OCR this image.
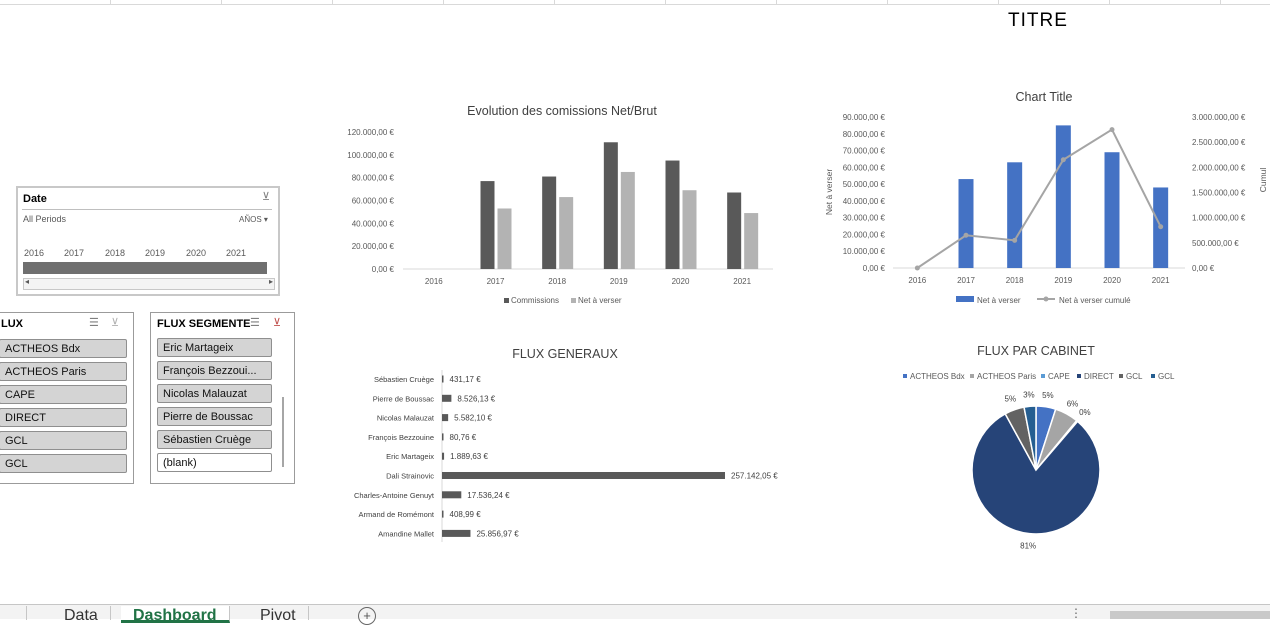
TITRE
Date	⊻
All Periods	AÑOS ▾
2016 2017 2018 2019 2020 2021
◂	▸
LUX	☰ ⊻
ACTHEOS Bdx
ACTHEOS Paris
CAPE
DIRECT
GCL
GCL
FLUX SEGMENTE ☰ ⊻
Eric Martageix
François Bezzoui...
Nicolas Malauzat
Pierre de Boussac
Sébastien Cruège
(blank)
Evolution des comissions Net/Brut
0,00 €
20.000,00 €
40.000,00 €
60.000,00 €
80.000,00 €
100.000,00 €
120.000,00 €
2016	2017	2018	2019	2020	2021
Commissions Net à verser
Chart Title
0,00 €
10.000,00 €
20.000,00 €
30.000,00 €
40.000,00 €
50.000,00 €
60.000,00 €
70.000,00 €
80.000,00 €
90.000,00 €
0,00 €
500.000,00 €
1.000.000,00 €
1.500.000,00 €
2.000.000,00 €
2.500.000,00 €
3.000.000,00 €
Net à verser	Cumul
2016	2017	2018	2019	2020	2021
Net à verser	Net à verser cumulé
FLUX GENERAUX
Sébastien Cruège 431,17 €
Pierre de Boussac	8.526,13 €
Nicolas Malauzat	5.582,10 €
François Bezzouine 80,76 €
Eric Martageix 1.889,63 €
Dali Strainovic	257.142,05 €
Charles-Antoine Genuyt	17.536,24 €
Armand de Romémont 408,99 €
Amandine Mallet	25.856,97 €
FLUX PAR CABINET
ACTHEOS Bdx ACTHEOS Paris CAPE DIRECT GCL GCL
5%
6%
0%
81%
5% 3%
Data	Dashboard	Pivot	+	⋮
